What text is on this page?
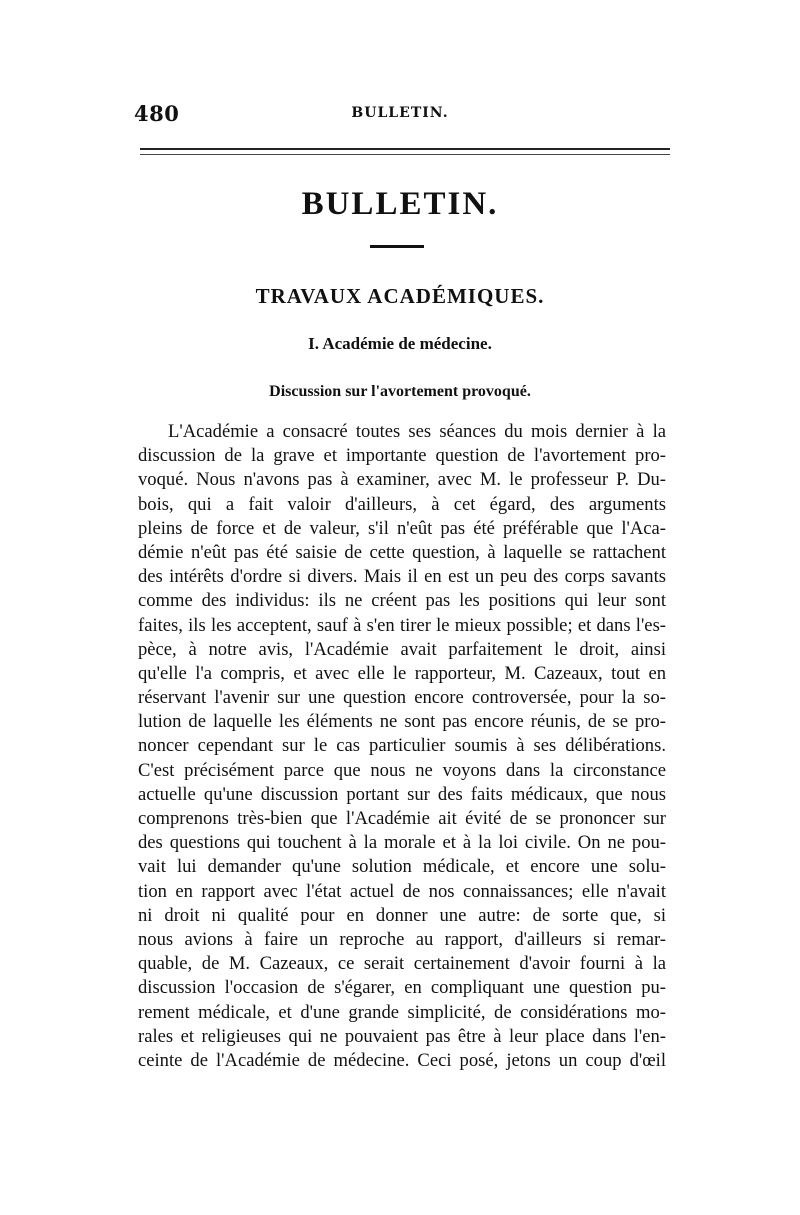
480	BULLETIN.
BULLETIN.
TRAVAUX ACADÉMIQUES.
I. Académie de médecine.
Discussion sur l'avortement provoqué.
L'Académie a consacré toutes ses séances du mois dernier à la
discussion de la grave et importante question de l'avortement pro-
voqué. Nous n'avons pas à examiner, avec M. le professeur P. Du-
bois, qui a fait valoir d'ailleurs, à cet égard, des arguments
pleins de force et de valeur, s'il n'eût pas été préférable que l'Aca-
démie n'eût pas été saisie de cette question, à laquelle se rattachent
des intérêts d'ordre si divers. Mais il en est un peu des corps savants
comme des individus: ils ne créent pas les positions qui leur sont
faites, ils les acceptent, sauf à s'en tirer le mieux possible; et dans l'es-
pèce, à notre avis, l'Académie avait parfaitement le droit, ainsi
qu'elle l'a compris, et avec elle le rapporteur, M. Cazeaux, tout en
réservant l'avenir sur une question encore controversée, pour la so-
lution de laquelle les éléments ne sont pas encore réunis, de se pro-
noncer cependant sur le cas particulier soumis à ses délibérations.
C'est précisément parce que nous ne voyons dans la circonstance
actuelle qu'une discussion portant sur des faits médicaux, que nous
comprenons très-bien que l'Académie ait évité de se prononcer sur
des questions qui touchent à la morale et à la loi civile. On ne pou-
vait lui demander qu'une solution médicale, et encore une solu-
tion en rapport avec l'état actuel de nos connaissances; elle n'avait
ni droit ni qualité pour en donner une autre: de sorte que, si
nous avions à faire un reproche au rapport, d'ailleurs si remar-
quable, de M. Cazeaux, ce serait certainement d'avoir fourni à la
discussion l'occasion de s'égarer, en compliquant une question pu-
rement médicale, et d'une grande simplicité, de considérations mo-
rales et religieuses qui ne pouvaient pas être à leur place dans l'en-
ceinte de l'Académie de médecine. Ceci posé, jetons un coup d'œil
